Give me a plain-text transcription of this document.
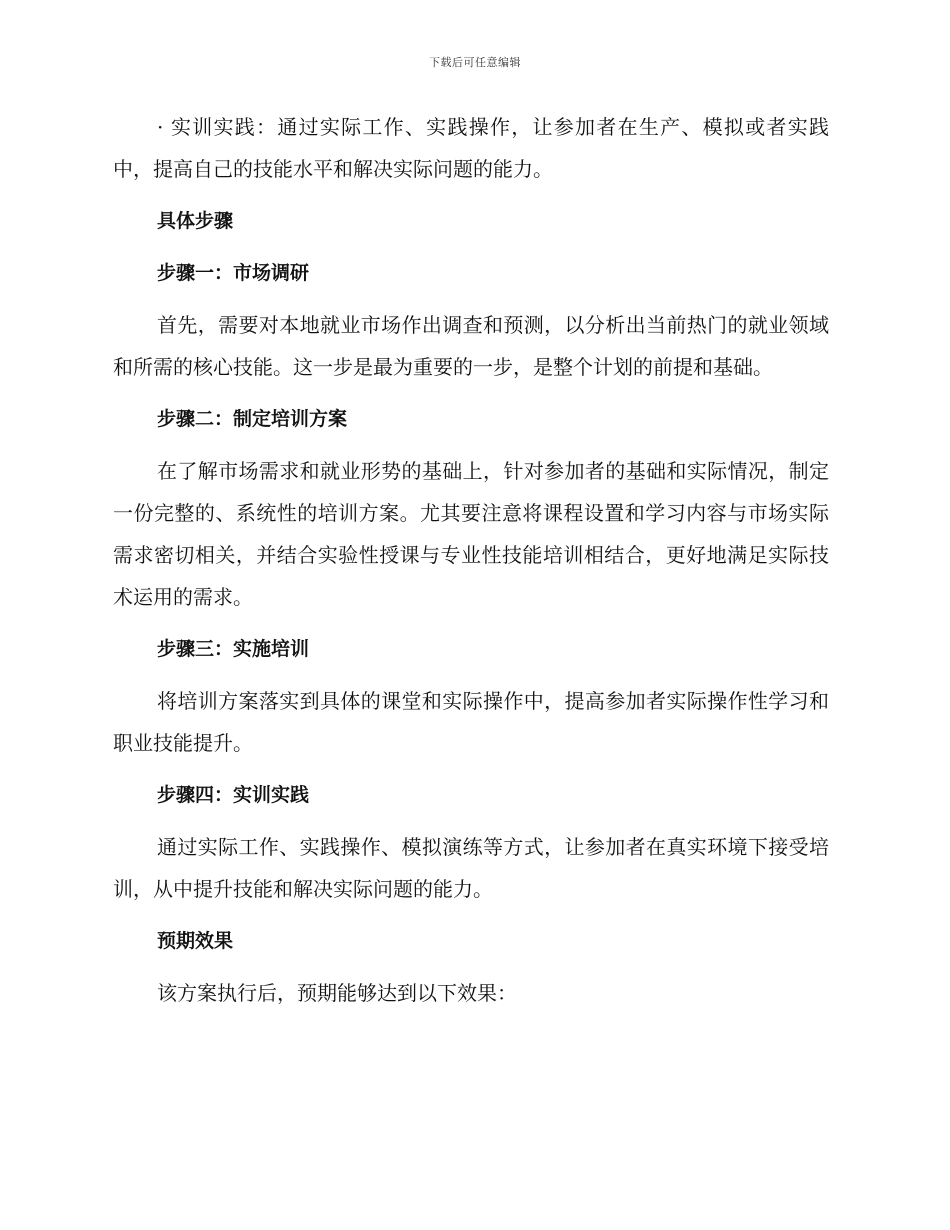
下载后可任意编辑

· 实训实践：通过实际工作、实践操作，让参加者在生产、模拟或者实践中，提高自己的技能水平和解决实际问题的能力。

具体步骤
步骤一：市场调研

首先，需要对本地就业市场作出调查和预测，以分析出当前热门的就业领域和所需的核心技能。这一步是最为重要的一步，是整个计划的前提和基础。

步骤二：制定培训方案

在了解市场需求和就业形势的基础上，针对参加者的基础和实际情况，制定一份完整的、系统性的培训方案。尤其要注意将课程设置和学习内容与市场实际需求密切相关，并结合实验性授课与专业性技能培训相结合，更好地满足实际技术运用的需求。

步骤三：实施培训

将培训方案落实到具体的课堂和实际操作中，提高参加者实际操作性学习和职业技能提升。

步骤四：实训实践

通过实际工作、实践操作、模拟演练等方式，让参加者在真实环境下接受培训，从中提升技能和解决实际问题的能力。

预期效果

该方案执行后，预期能够达到以下效果：
